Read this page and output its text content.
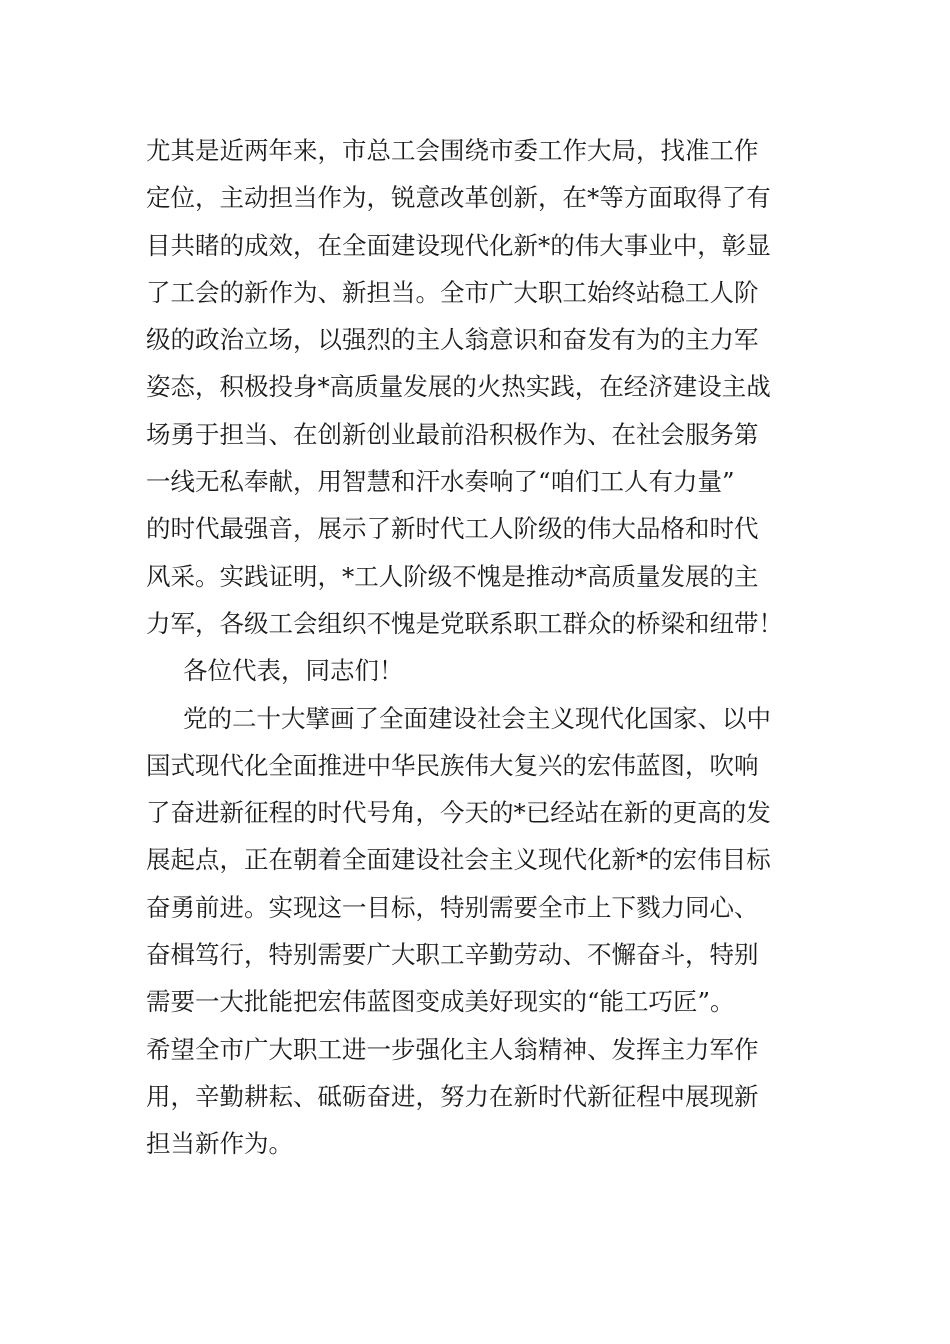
尤其是近两年来，市总工会围绕市委工作大局，找准工作
定位，主动担当作为，锐意改革创新，在*等方面取得了有
目共睹的成效，在全面建设现代化新*的伟大事业中，彰显
了工会的新作为、新担当。全市广大职工始终站稳工人阶
级的政治立场，以强烈的主人翁意识和奋发有为的主力军
姿态，积极投身*高质量发展的火热实践，在经济建设主战
场勇于担当、在创新创业最前沿积极作为、在社会服务第
一线无私奉献，用智慧和汗水奏响了“咱们工人有力量”
的时代最强音，展示了新时代工人阶级的伟大品格和时代
风采。实践证明，*工人阶级不愧是推动*高质量发展的主
力军，各级工会组织不愧是党联系职工群众的桥梁和纽带！
各位代表，同志们！
党的二十大擘画了全面建设社会主义现代化国家、以中
国式现代化全面推进中华民族伟大复兴的宏伟蓝图，吹响
了奋进新征程的时代号角，今天的*已经站在新的更高的发
展起点，正在朝着全面建设社会主义现代化新*的宏伟目标
奋勇前进。实现这一目标，特别需要全市上下戮力同心、
奋楫笃行，特别需要广大职工辛勤劳动、不懈奋斗，特别
需要一大批能把宏伟蓝图变成美好现实的“能工巧匠”。
希望全市广大职工进一步强化主人翁精神、发挥主力军作
用，辛勤耕耘、砥砺奋进，努力在新时代新征程中展现新
担当新作为。
